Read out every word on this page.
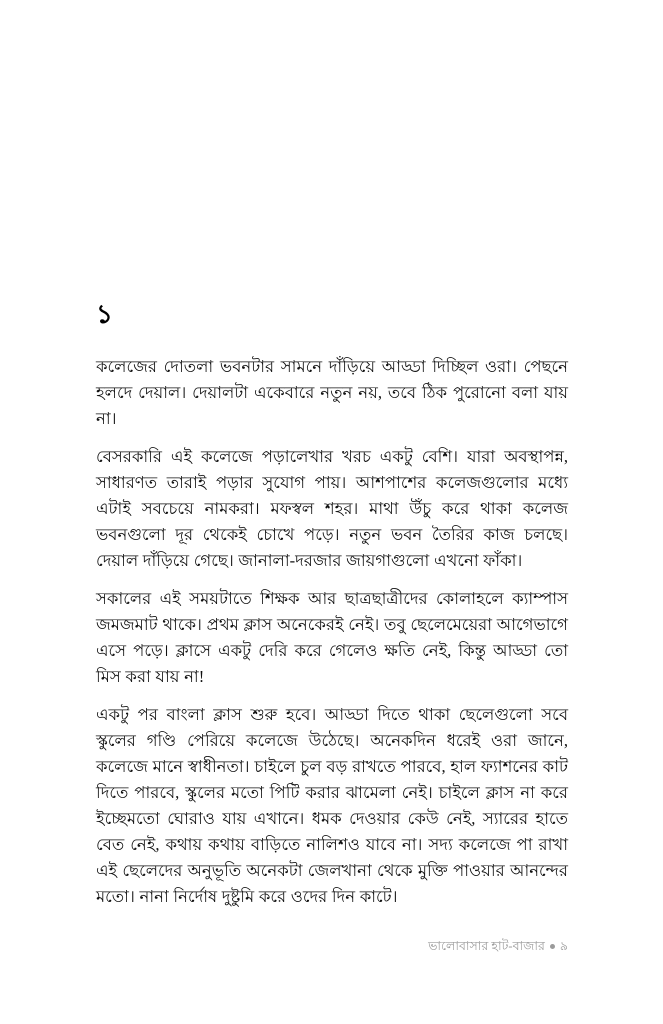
১

কলেজের দোতলা ভবনটার সামনে দাঁড়িয়ে আড্ডা দিচ্ছিল ওরা। পেছনে হলদে দেয়াল। দেয়ালটা একেবারে নতুন নয়, তবে ঠিক পুরোনো বলা যায় না।

বেসরকারি এই কলেজে পড়ালেখার খরচ একটু বেশি। যারা অবস্থাপন্ন, সাধারণত তারাই পড়ার সুযোগ পায়। আশপাশের কলেজগুলোর মধ্যে এটাই সবচেয়ে নামকরা। মফস্বল শহর। মাথা উঁচু করে থাকা কলেজ ভবনগুলো দূর থেকেই চোখে পড়ে। নতুন ভবন তৈরির কাজ চলছে। দেয়াল দাঁড়িয়ে গেছে। জানালা-দরজার জায়গাগুলো এখনো ফাঁকা।

সকালের এই সময়টাতে শিক্ষক আর ছাত্রছাত্রীদের কোলাহলে ক্যাম্পাস জমজমাট থাকে। প্রথম ক্লাস অনেকেরই নেই। তবু ছেলেমেয়েরা আগেভাগে এসে পড়ে। ক্লাসে একটু দেরি করে গেলেও ক্ষতি নেই, কিন্তু আড্ডা তো মিস করা যায় না!

একটু পর বাংলা ক্লাস শুরু হবে। আড্ডা দিতে থাকা ছেলেগুলো সবে স্কুলের গণ্ডি পেরিয়ে কলেজে উঠেছে। অনেকদিন ধরেই ওরা জানে, কলেজে মানে স্বাধীনতা। চাইলে চুল বড় রাখতে পারবে, হাল ফ্যাশনের কাট দিতে পারবে, স্কুলের মতো পিটি করার ঝামেলা নেই। চাইলে ক্লাস না করে ইচ্ছেমতো ঘোরাও যায় এখানে। ধমক দেওয়ার কেউ নেই, স্যারের হাতে বেত নেই, কথায় কথায় বাড়িতে নালিশও যাবে না। সদ্য কলেজে পা রাখা এই ছেলেদের অনুভূতি অনেকটা জেলখানা থেকে মুক্তি পাওয়ার আনন্দের মতো। নানা নির্দোষ দুষ্টুমি করে ওদের দিন কাটে।

ভালোবাসার হাট-বাজার ৯
